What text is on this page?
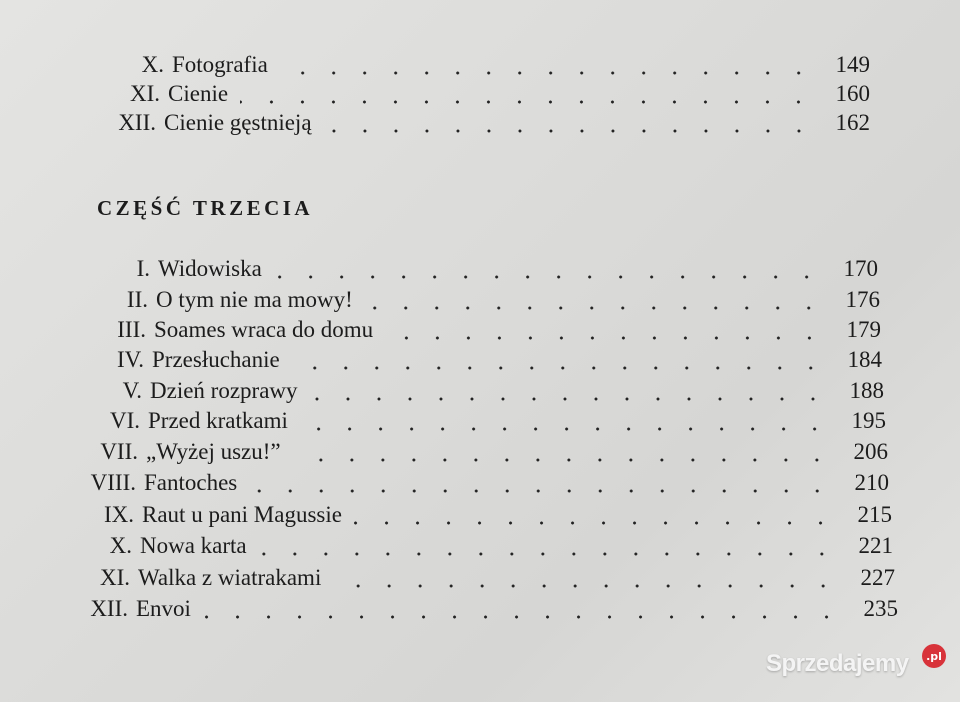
X. Fotografia	149
XI. Cienie	160
XII. Cienie gęstnieją	162
CZĘŚĆ TRZECIA
I. Widowiska	170
II. O tym nie ma mowy!	176
III. Soames wraca do domu	179
IV. Przesłuchanie	184
V. Dzień rozprawy	188
VI. Przed kratkami	195
VII. „Wyżej uszu!”	206
VIII. Fantoches	210
IX. Raut u pani Magussie	215
X. Nowa karta	221
XI. Walka z wiatrakami	227
XII. Envoi	235
Sprzedajemy	.pl
